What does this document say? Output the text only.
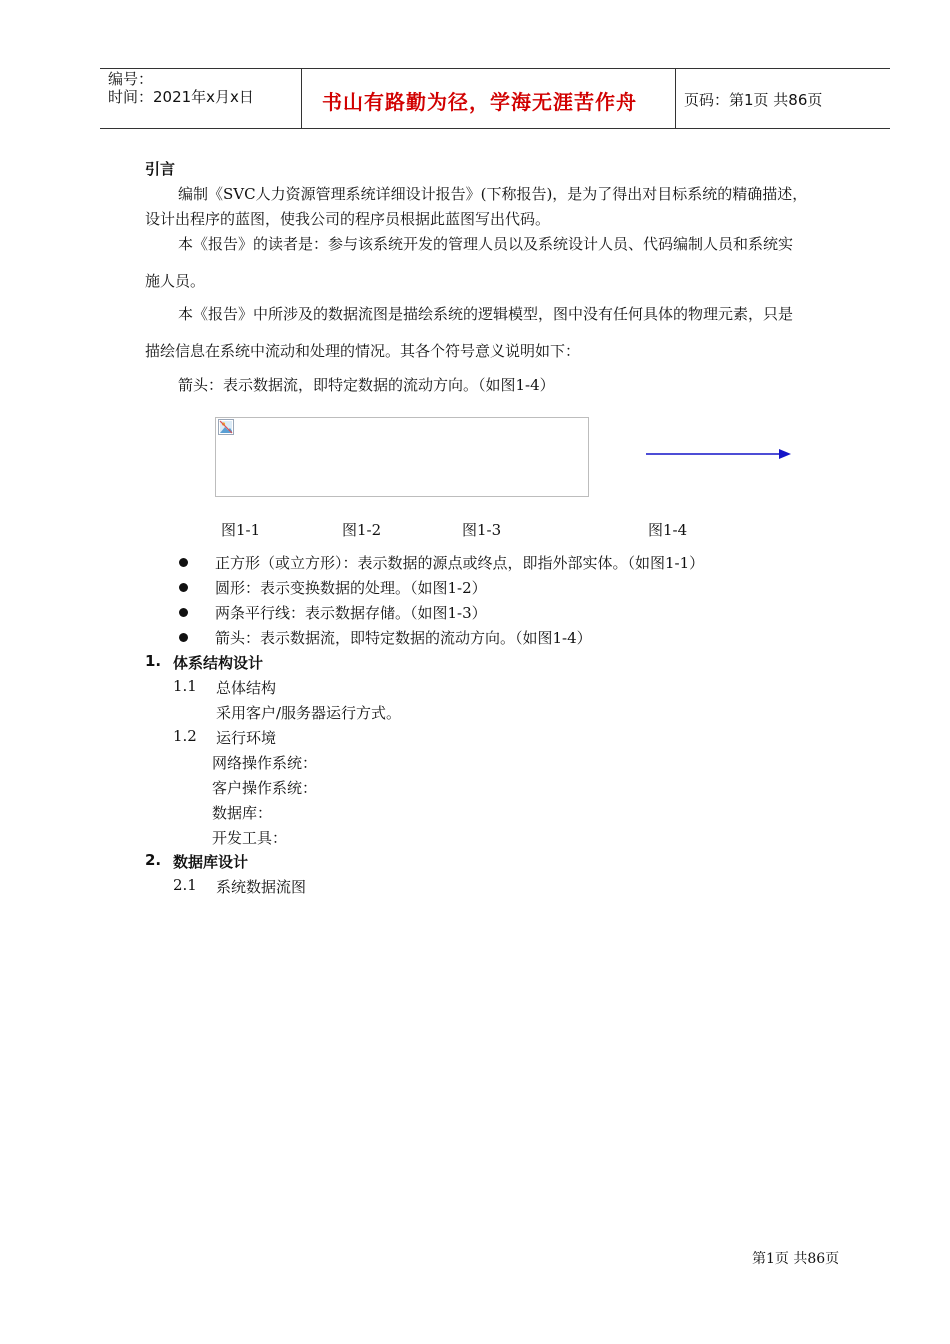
编号：
时间：2021年x月x日	书山有路勤为径，学海无涯苦作舟	页码：第1页 共86页
引言
编制《SVC人力资源管理系统详细设计报告》(下称报告)，是为了得出对目标系统的精确描述，
设计出程序的蓝图，使我公司的程序员根据此蓝图写出代码。
本《报告》的读者是：参与该系统开发的管理人员以及系统设计人员、代码编制人员和系统实
施人员。
本《报告》中所涉及的数据流图是描绘系统的逻辑模型，图中没有任何具体的物理元素，只是
描绘信息在系统中流动和处理的情况。其各个符号意义说明如下：
箭头：表示数据流，即特定数据的流动方向。（如图1-4）
图1-1	图1-2	图1-3	图1-4
正方形（或立方形）：表示数据的源点或终点，即指外部实体。（如图1-1）
圆形：表示变换数据的处理。（如图1-2）
两条平行线：表示数据存储。（如图1-3）
箭头：表示数据流，即特定数据的流动方向。（如图1-4）
1. 体系结构设计
1.1 总体结构
采用客户/服务器运行方式。
1.2 运行环境
网络操作系统：
客户操作系统：
数据库：
开发工具：
2. 数据库设计
2.1 系统数据流图
第1页 共86页
